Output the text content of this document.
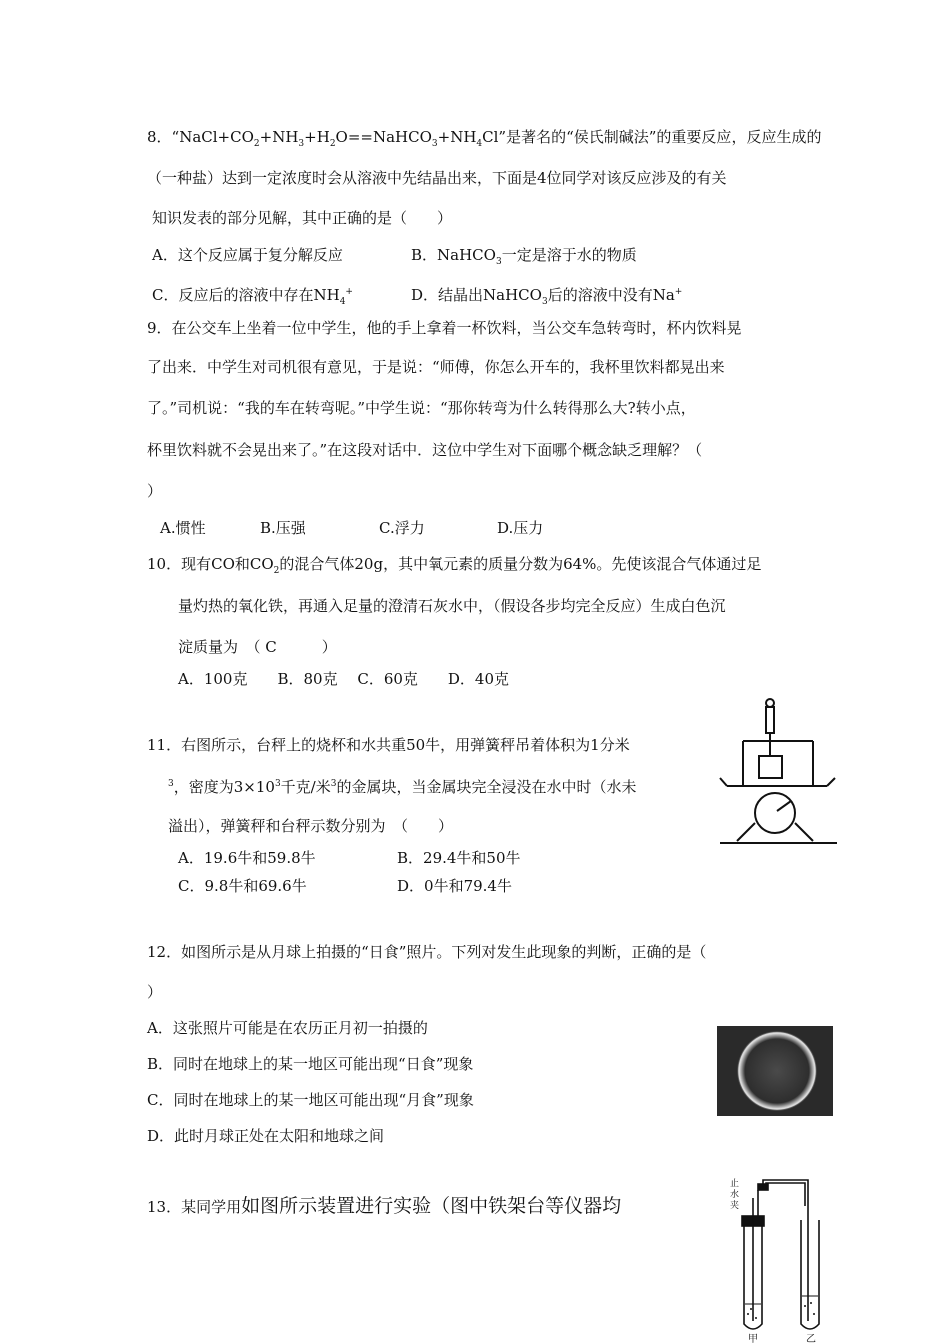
8．“$NaCl+CO_2+NH_3+H_2O==NaHCO_3+NH_4Cl$”是著名的“侯氏制碱法”的重要反应，反应生成的
（一种盐）达到一定浓度时会从溶液中先结晶出来，下面是4位同学对该反应涉及的有关
知识发表的部分见解，其中正确的是（　　）
A．这个反应属于复分解反应	B．NaHCO$_3$一定是溶于水的物质
C．反应后的溶液中存在$NH_4^+$	D．结晶出NaHCO$_3$后的溶液中没有Na+
9．在公交车上坐着一位中学生，他的手上拿着一杯饮料，当公交车急转弯时，杯内饮料晃
了出来．中学生对司机很有意见，于是说：“师傅，你怎么开车的，我杯里饮料都晃出来
了。”司机说：“我的车在转弯呢。”中学生说：“那你转弯为什么转得那么大?转小点，
杯里饮料就不会晃出来了。”在这段对话中．这位中学生对下面哪个概念缺乏理解？（
）
A.惯性	B.压强	C.浮力	D.压力
10．现有CO和$CO_2$的混合气体20g，其中氧元素的质量分数为64%。先使该混合气体通过足
量灼热的氧化铁，再通入足量的澄清石灰水中，（假设各步均完全反应）生成白色沉
淀质量为　（ C　　　）
A．100克　　B．80克　 C．60克　　D．40克
11．右图所示，台秤上的烧杯和水共重50牛，用弹簧秤吊着体积为1分米
$^3$，密度为$3\times 10^3$千克/米$^3$的金属块，当金属块完全浸没在水中时（水未
溢出），弹簧秤和台秤示数分别为　（　　）
A．19.6牛和59.8牛	B．29.4牛和50牛
C．9.8牛和69.6牛	D．0牛和79.4牛
12．如图所示是从月球上拍摄的“日食”照片。下列对发生此现象的判断，正确的是（
）
A．这张照片可能是在农历正月初一拍摄的
B．同时在地球上的某一地区可能出现“日食”现象
C．同时在地球上的某一地区可能出现“月食”现象
D．此时月球正处在太阳和地球之间
13．某同学用如图所示装置进行实验（图中铁架台等仪器均
止
水
夹
甲	乙
